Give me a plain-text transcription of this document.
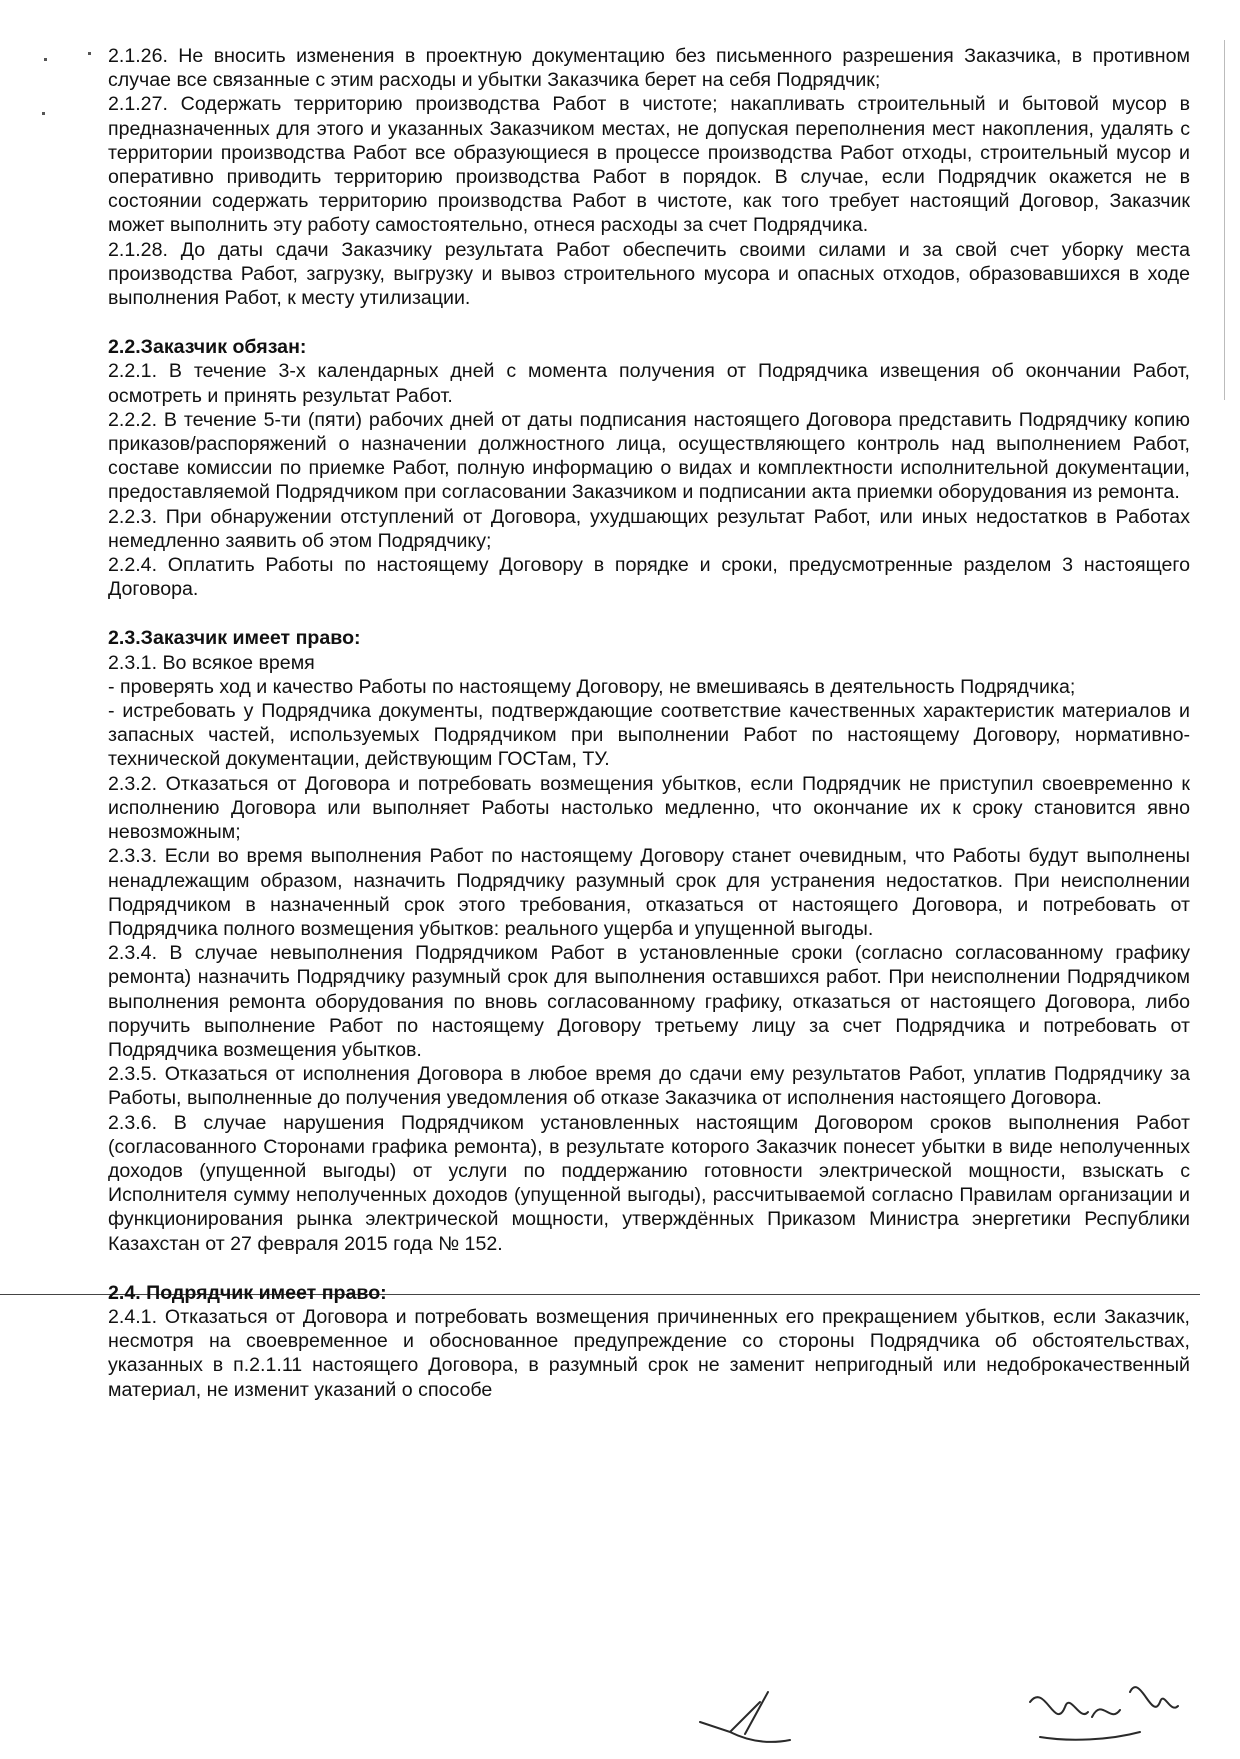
2.1.26. Не вносить изменения в проектную документацию без письменного разрешения Заказчика, в противном случае все связанные с этим расходы и убытки Заказчика берет на себя Подрядчик;

2.1.27. Содержать территорию производства Работ в чистоте; накапливать строительный и бытовой мусор в предназначенных для этого и указанных Заказчиком местах, не допуская переполнения мест накопления, удалять с территории производства Работ все образующиеся в процессе производства Работ отходы, строительный мусор и оперативно приводить территорию производства Работ в порядок. В случае, если Подрядчик окажется не в состоянии содержать территорию производства Работ в чистоте, как того требует настоящий Договор, Заказчик может выполнить эту работу самостоятельно, отнеся расходы за счет Подрядчика.

2.1.28. До даты сдачи Заказчику результата Работ обеспечить своими силами и за свой счет уборку места производства Работ, загрузку, выгрузку и вывоз строительного мусора и опасных отходов, образовавшихся в ходе выполнения Работ, к месту утилизации.

2.2.Заказчик обязан:

2.2.1. В течение 3-х календарных дней с момента получения от Подрядчика извещения об окончании Работ, осмотреть и принять результат Работ.

2.2.2. В течение 5-ти (пяти) рабочих дней от даты подписания настоящего Договора представить Подрядчику копию приказов/распоряжений о назначении должностного лица, осуществляющего контроль над выполнением Работ, составе комиссии по приемке Работ, полную информацию о видах и комплектности исполнительной документации, предоставляемой Подрядчиком при согласовании Заказчиком и подписании акта приемки оборудования из ремонта.

2.2.3. При обнаружении отступлений от Договора, ухудшающих результат Работ, или иных недостатков в Работах немедленно заявить об этом Подрядчику;

2.2.4. Оплатить Работы по настоящему Договору в порядке и сроки, предусмотренные разделом 3 настоящего Договора.

2.3.Заказчик имеет право:

2.3.1. Во всякое время

- проверять ход и качество Работы по настоящему Договору, не вмешиваясь в деятельность Подрядчика;

- истребовать у Подрядчика документы, подтверждающие соответствие качественных характеристик материалов и запасных частей, используемых Подрядчиком при выполнении Работ по настоящему Договору, нормативно-технической документации, действующим ГОСТам, ТУ.

2.3.2. Отказаться от Договора и потребовать возмещения убытков, если Подрядчик не приступил своевременно к исполнению Договора или выполняет Работы настолько медленно, что окончание их к сроку становится явно невозможным;

2.3.3. Если во время выполнения Работ по настоящему Договору станет очевидным, что Работы будут выполнены ненадлежащим образом, назначить Подрядчику разумный срок для устранения недостатков. При неисполнении Подрядчиком в назначенный срок этого требования, отказаться от настоящего Договора, и потребовать от Подрядчика полного возмещения убытков: реального ущерба и упущенной выгоды.

2.3.4. В случае невыполнения Подрядчиком Работ в установленные сроки (согласно согласованному графику ремонта) назначить Подрядчику разумный срок для выполнения оставшихся работ. При неисполнении Подрядчиком выполнения ремонта оборудования по вновь согласованному графику, отказаться от настоящего Договора, либо поручить выполнение Работ по настоящему Договору третьему лицу за счет Подрядчика и потребовать от Подрядчика возмещения убытков.

2.3.5. Отказаться от исполнения Договора в любое время до сдачи ему результатов Работ, уплатив Подрядчику за Работы, выполненные до получения уведомления об отказе Заказчика от исполнения настоящего Договора.

2.3.6. В случае нарушения Подрядчиком установленных настоящим Договором сроков выполнения Работ (согласованного Сторонами графика ремонта), в результате которого Заказчик понесет убытки в виде неполученных доходов (упущенной выгоды) от услуги по поддержанию готовности электрической мощности, взыскать с Исполнителя сумму неполученных доходов (упущенной выгоды), рассчитываемой согласно Правилам организации и функционирования рынка электрической мощности, утверждённых Приказом Министра энергетики Республики Казахстан от 27 февраля 2015 года № 152.

2.4. Подрядчик имеет право:

2.4.1. Отказаться от Договора и потребовать возмещения причиненных его прекращением убытков, если Заказчик, несмотря на своевременное и обоснованное предупреждение со стороны Подрядчика об обстоятельствах, указанных в п.2.1.11 настоящего Договора, в разумный срок не заменит непригодный или недоброкачественный материал, не изменит указаний о способе
